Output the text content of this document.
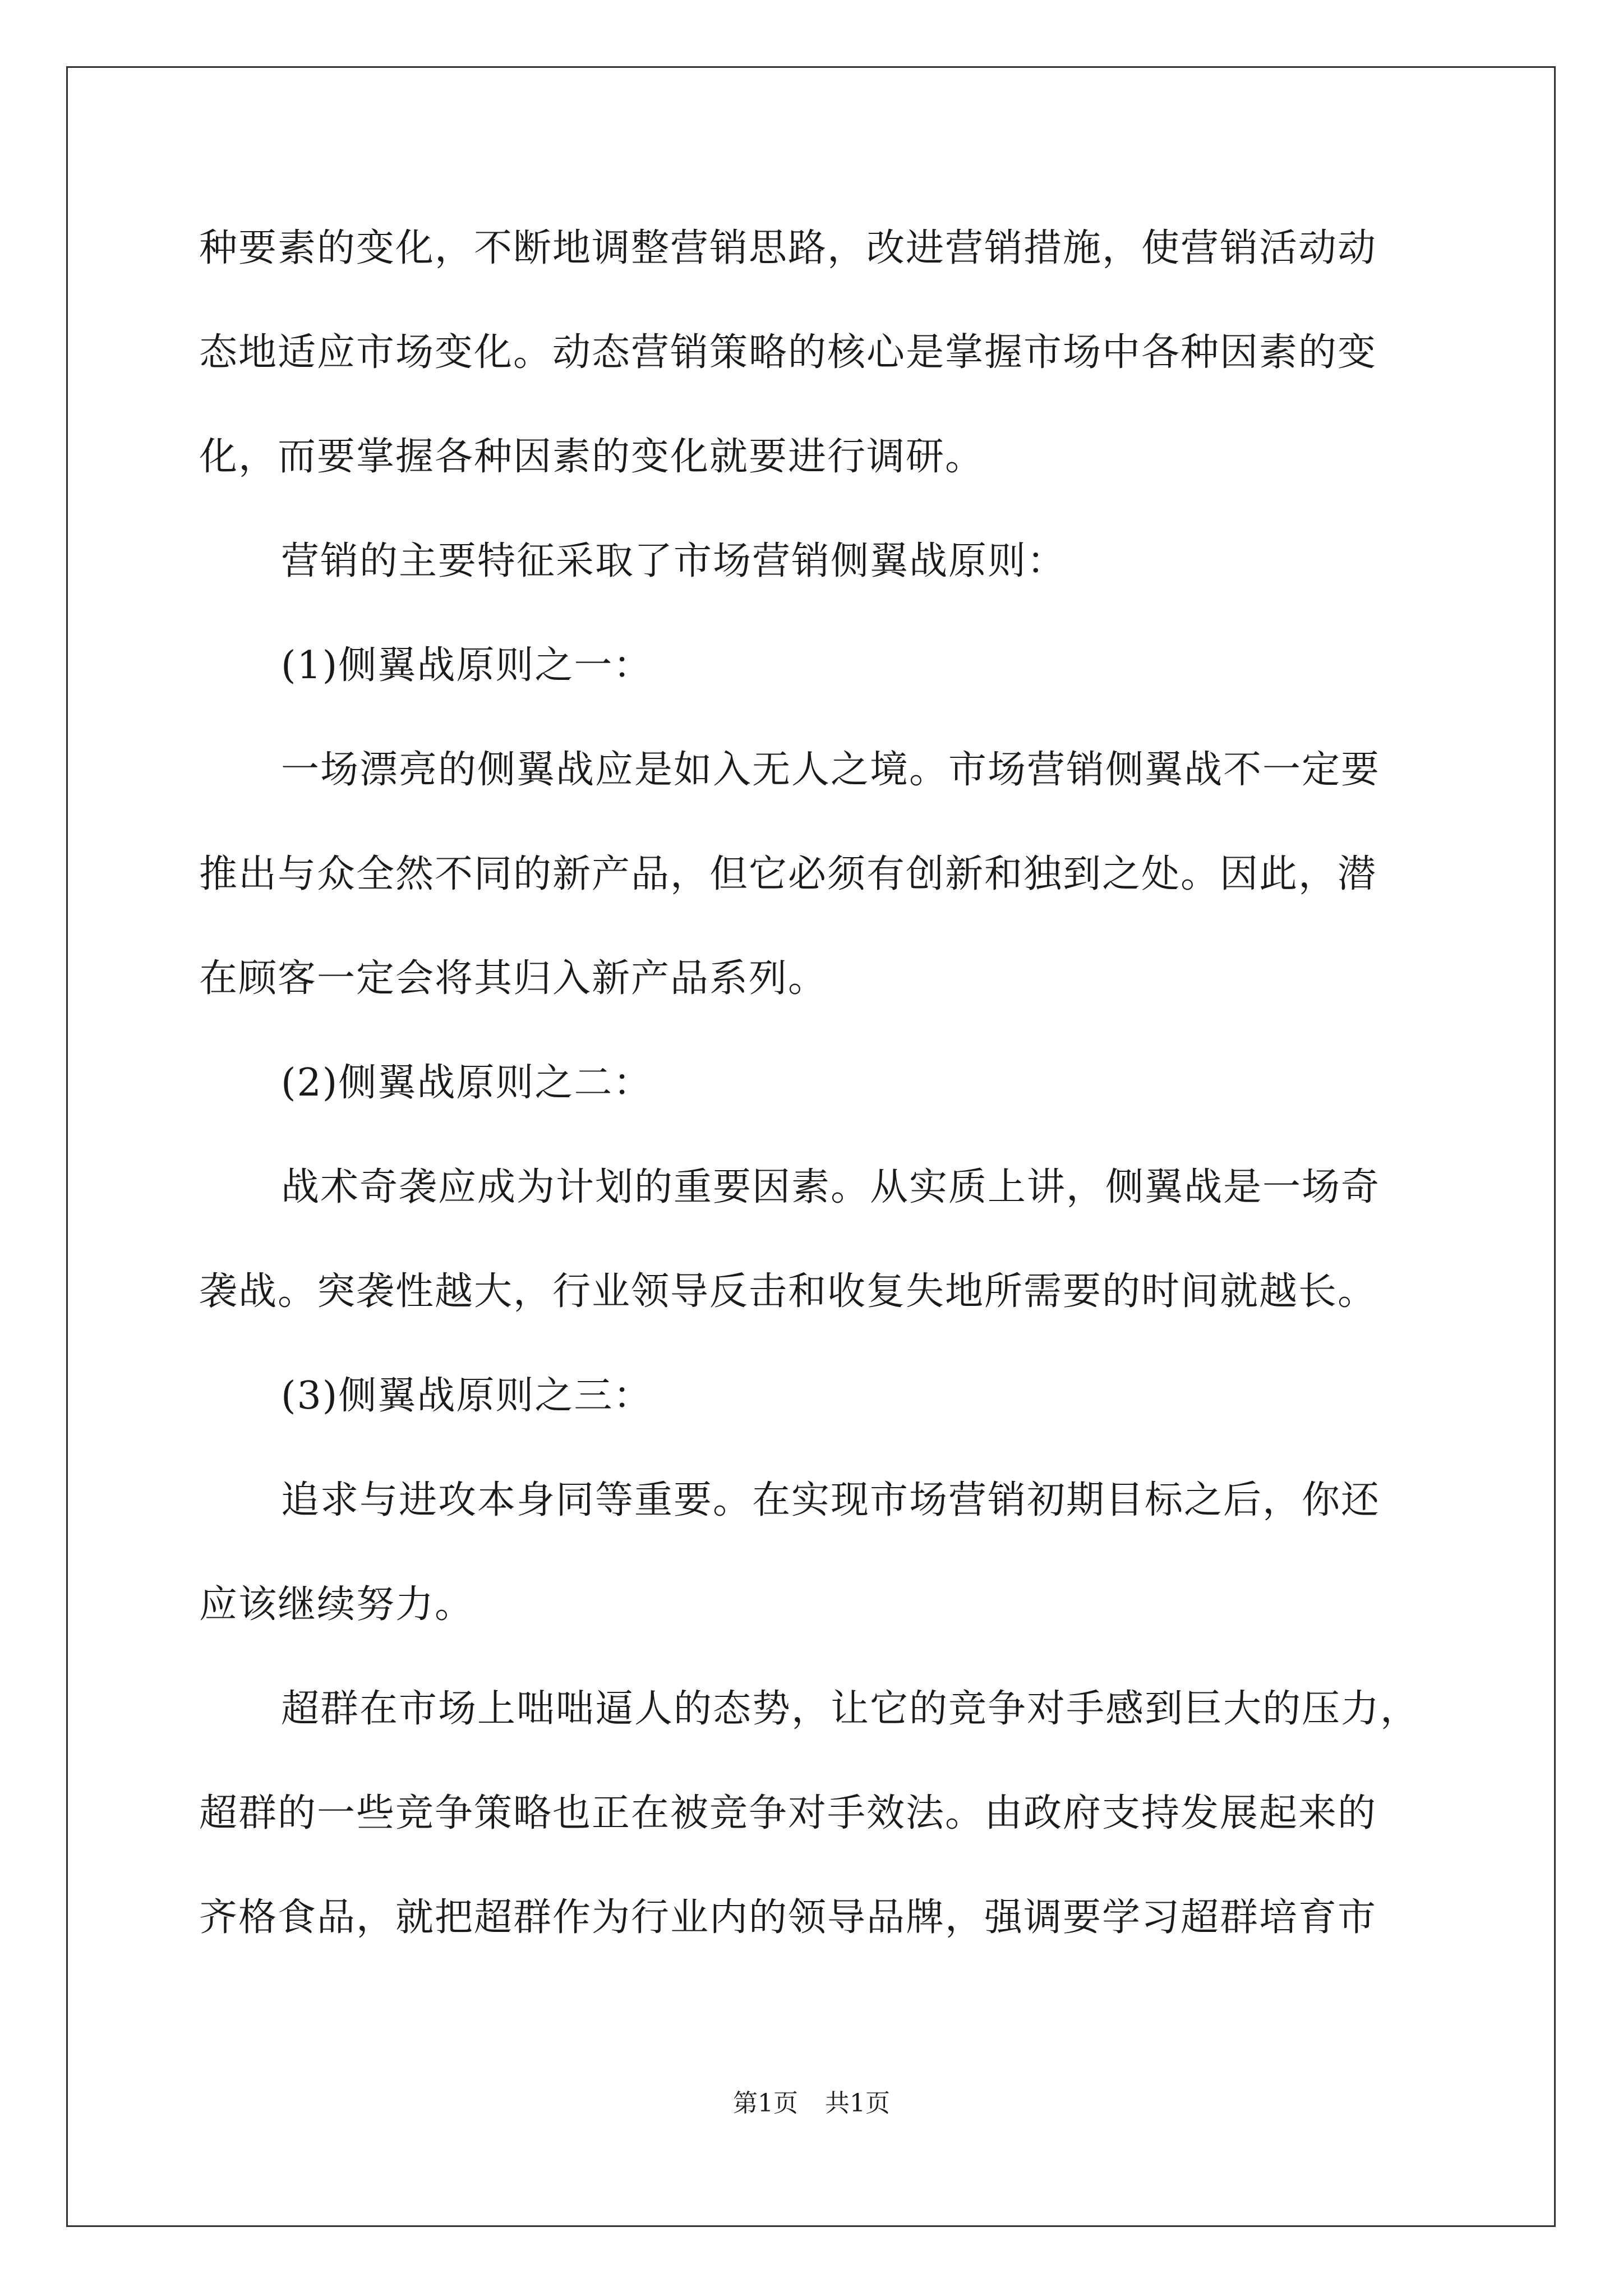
种要素的变化，不断地调整营销思路，改进营销措施，使营销活动动
态地适应市场变化。动态营销策略的核心是掌握市场中各种因素的变
化，而要掌握各种因素的变化就要进行调研。
营销的主要特征采取了市场营销侧翼战原则：
(1)侧翼战原则之一：
一场漂亮的侧翼战应是如入无人之境。市场营销侧翼战不一定要
推出与众全然不同的新产品，但它必须有创新和独到之处。因此，潜
在顾客一定会将其归入新产品系列。
(2)侧翼战原则之二：
战术奇袭应成为计划的重要因素。从实质上讲，侧翼战是一场奇
袭战。突袭性越大，行业领导反击和收复失地所需要的时间就越长。
(3)侧翼战原则之三：
追求与进攻本身同等重要。在实现市场营销初期目标之后，你还
应该继续努力。
超群在市场上咄咄逼人的态势，让它的竞争对手感到巨大的压力，
超群的一些竞争策略也正在被竞争对手效法。由政府支持发展起来的
齐格食品，就把超群作为行业内的领导品牌，强调要学习超群培育市
第1页 共1页
